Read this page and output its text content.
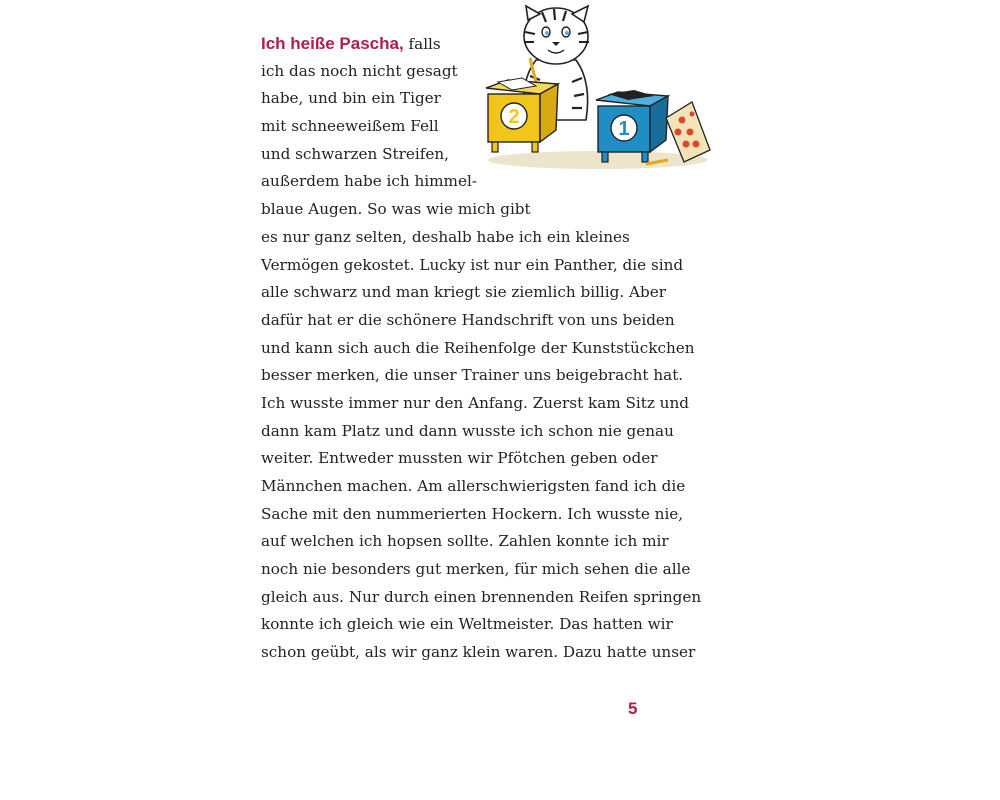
2
1
Ich heiße Pascha, falls
ich das noch nicht gesagt
habe, und bin ein Tiger
mit schneeweißem Fell
und schwarzen Streifen,
außerdem habe ich himmel-
blaue Augen. So was wie mich gibt
es nur ganz selten, deshalb habe ich ein kleines
Vermögen gekostet. Lucky ist nur ein Panther, die sind
alle schwarz und man kriegt sie ziemlich billig. Aber
dafür hat er die schönere Handschrift von uns beiden
und kann sich auch die Reihenfolge der Kunststückchen
besser merken, die unser Trainer uns beigebracht hat.
Ich wusste immer nur den Anfang. Zuerst kam Sitz und
dann kam Platz und dann wusste ich schon nie genau
weiter. Entweder mussten wir Pfötchen geben oder
Männchen machen. Am allerschwierigsten fand ich die
Sache mit den nummerierten Hockern. Ich wusste nie,
auf welchen ich hopsen sollte. Zahlen konnte ich mir
noch nie besonders gut merken, für mich sehen die alle
gleich aus. Nur durch einen brennenden Reifen springen
konnte ich gleich wie ein Weltmeister. Das hatten wir
schon geübt, als wir ganz klein waren. Dazu hatte unser
5
